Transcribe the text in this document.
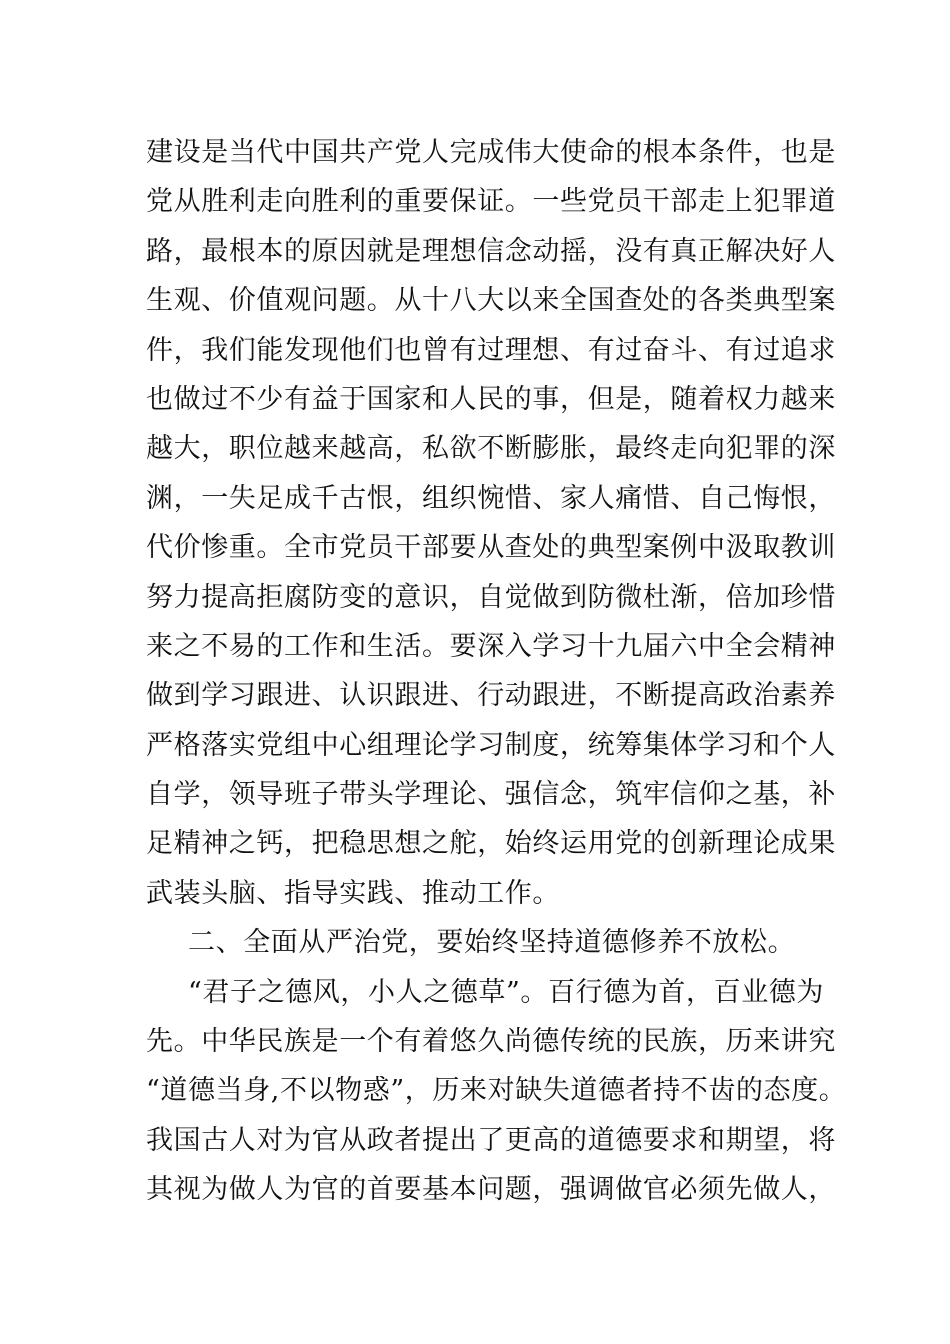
建设是当代中国共产党人完成伟大使命的根本条件，也是
党从胜利走向胜利的重要保证。一些党员干部走上犯罪道
路，最根本的原因就是理想信念动摇，没有真正解决好人
生观、价值观问题。从十八大以来全国查处的各类典型案
件，我们能发现他们也曾有过理想、有过奋斗、有过追求
也做过不少有益于国家和人民的事，但是，随着权力越来
越大，职位越来越高，私欲不断膨胀，最终走向犯罪的深
渊，一失足成千古恨，组织惋惜、家人痛惜、自己悔恨，
代价惨重。全市党员干部要从查处的典型案例中汲取教训
努力提高拒腐防变的意识，自觉做到防微杜渐，倍加珍惜
来之不易的工作和生活。要深入学习十九届六中全会精神
做到学习跟进、认识跟进、行动跟进，不断提高政治素养
严格落实党组中心组理论学习制度，统筹集体学习和个人
自学，领导班子带头学理论、强信念，筑牢信仰之基，补
足精神之钙，把稳思想之舵，始终运用党的创新理论成果
武装头脑、指导实践、推动工作。
二、全面从严治党，要始终坚持道德修养不放松。
“君子之德风，小人之德草”。百行德为首，百业德为
先。中华民族是一个有着悠久尚德传统的民族，历来讲究
“道德当身,不以物惑”，历来对缺失道德者持不齿的态度。
我国古人对为官从政者提出了更高的道德要求和期望，将
其视为做人为官的首要基本问题，强调做官必须先做人，
